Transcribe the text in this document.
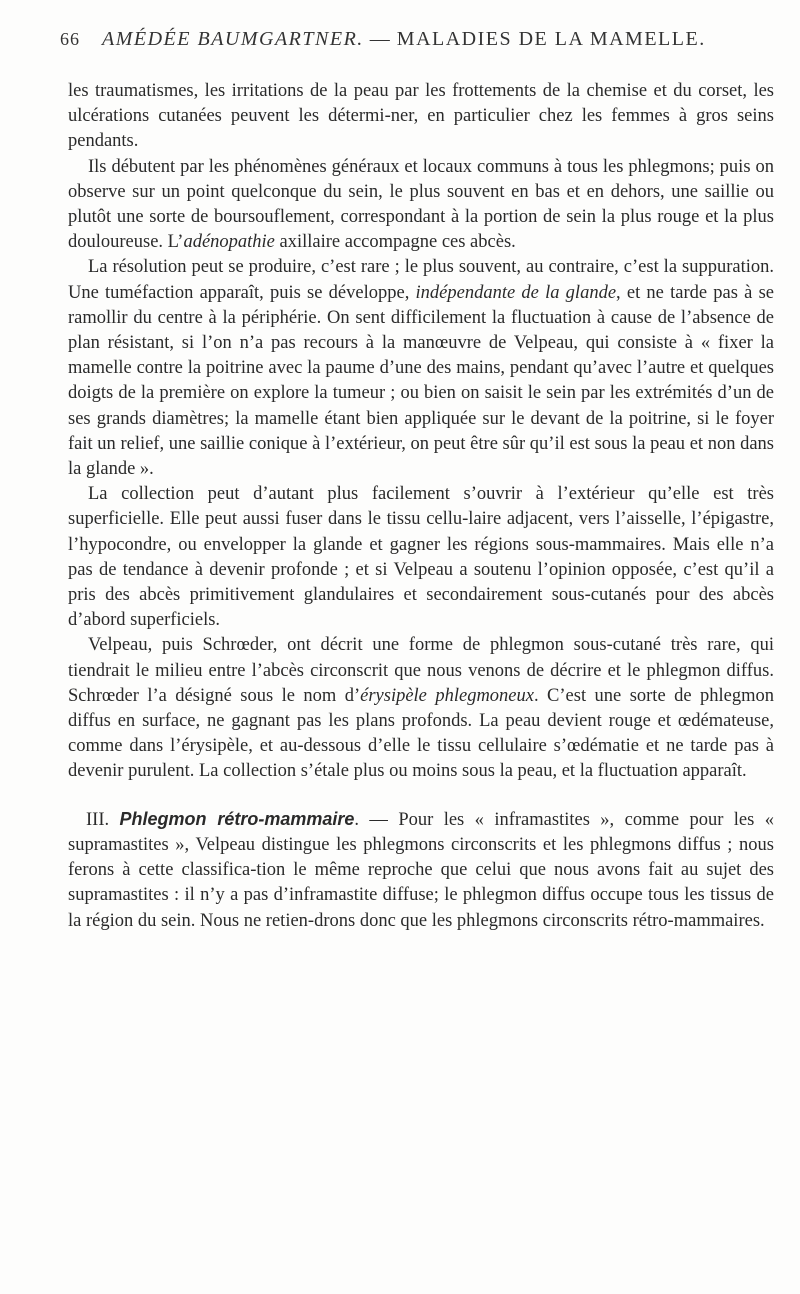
66 AMÉDÉE BAUMGARTNER. — MALADIES DE LA MAMELLE.

les traumatismes, les irritations de la peau par les frottements de la chemise et du corset, les ulcérations cutanées peuvent les détermi-ner, en particulier chez les femmes à gros seins pendants.

Ils débutent par les phénomènes généraux et locaux communs à tous les phlegmons; puis on observe sur un point quelconque du sein, le plus souvent en bas et en dehors, une saillie ou plutôt une sorte de boursouflement, correspondant à la portion de sein la plus rouge et la plus douloureuse. L’adénopathie axillaire accompagne ces abcès.

La résolution peut se produire, c’est rare ; le plus souvent, au contraire, c’est la suppuration. Une tuméfaction apparaît, puis se développe, indépendante de la glande, et ne tarde pas à se ramollir du centre à la périphérie. On sent difficilement la fluctuation à cause de l’absence de plan résistant, si l’on n’a pas recours à la manœuvre de Velpeau, qui consiste à « fixer la mamelle contre la poitrine avec la paume d’une des mains, pendant qu’avec l’autre et quelques doigts de la première on explore la tumeur ; ou bien on saisit le sein par les extrémités d’un de ses grands diamètres; la mamelle étant bien appliquée sur le devant de la poitrine, si le foyer fait un relief, une saillie conique à l’extérieur, on peut être sûr qu’il est sous la peau et non dans la glande ».

La collection peut d’autant plus facilement s’ouvrir à l’extérieur qu’elle est très superficielle. Elle peut aussi fuser dans le tissu cellu-laire adjacent, vers l’aisselle, l’épigastre, l’hypocondre, ou envelopper la glande et gagner les régions sous-mammaires. Mais elle n’a pas de tendance à devenir profonde ; et si Velpeau a soutenu l’opinion opposée, c’est qu’il a pris des abcès primitivement glandulaires et secondairement sous-cutanés pour des abcès d’abord superficiels.

Velpeau, puis Schrœder, ont décrit une forme de phlegmon sous-cutané très rare, qui tiendrait le milieu entre l’abcès circonscrit que nous venons de décrire et le phlegmon diffus. Schrœder l’a désigné sous le nom d’érysipèle phlegmoneux. C’est une sorte de phlegmon diffus en surface, ne gagnant pas les plans profonds. La peau devient rouge et œdémateuse, comme dans l’érysipèle, et au-dessous d’elle le tissu cellulaire s’œdématie et ne tarde pas à devenir purulent. La collection s’étale plus ou moins sous la peau, et la fluctuation apparaît.

III. Phlegmon rétro-mammaire. — Pour les « inframastites », comme pour les « supramastites », Velpeau distingue les phlegmons circonscrits et les phlegmons diffus ; nous ferons à cette classifica-tion le même reproche que celui que nous avons fait au sujet des supramastites : il n’y a pas d’inframastite diffuse; le phlegmon diffus occupe tous les tissus de la région du sein. Nous ne retien-drons donc que les phlegmons circonscrits rétro-mammaires.
